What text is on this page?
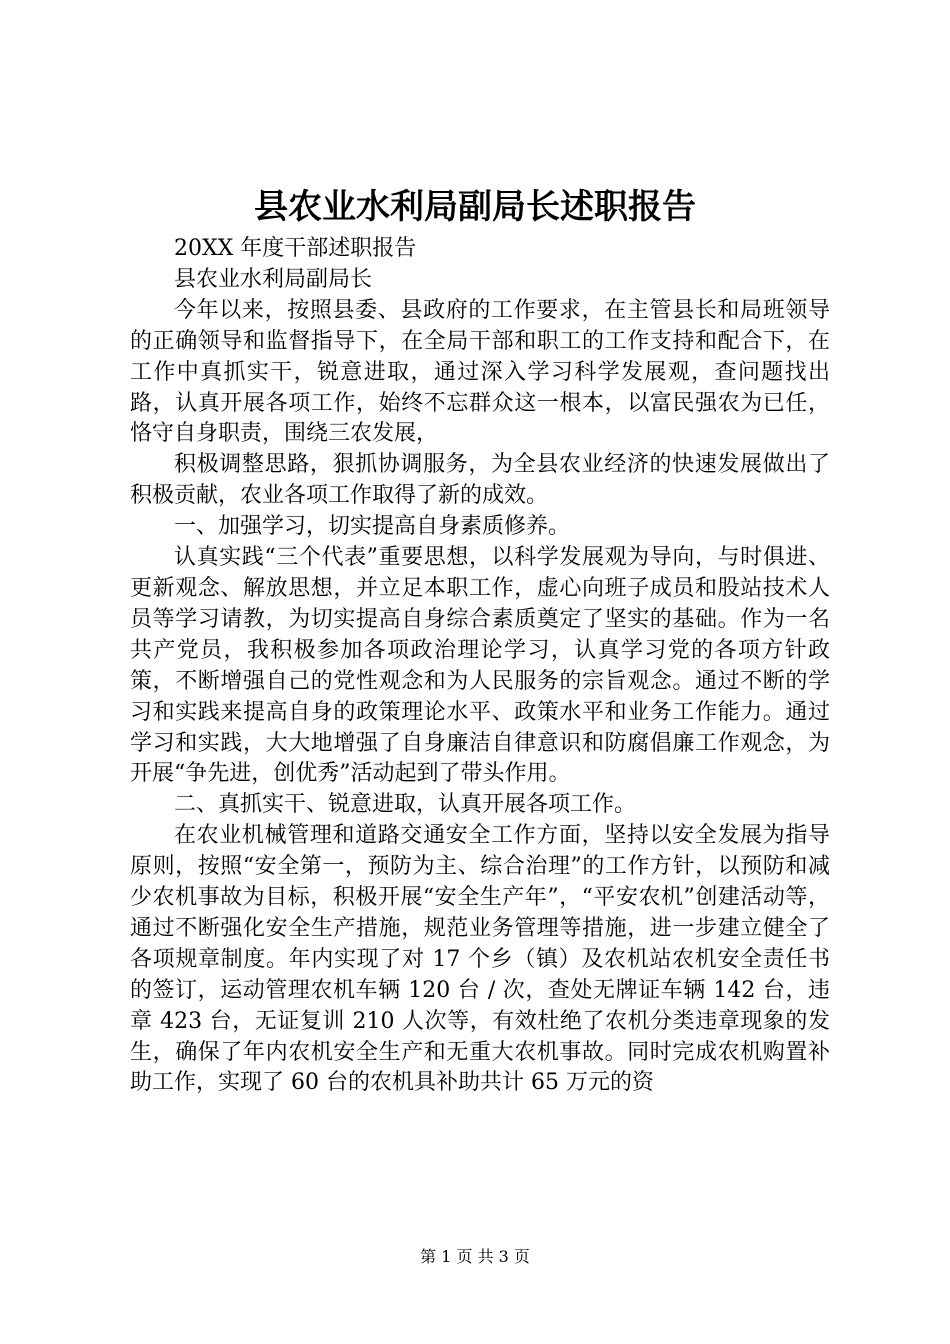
县农业水利局副局长述职报告

20XX 年度干部述职报告

县农业水利局副局长

今年以来，按照县委、县政府的工作要求，在主管县长和局班领导的正确领导和监督指导下，在全局干部和职工的工作支持和配合下，在工作中真抓实干，锐意进取，通过深入学习科学发展观，查问题找出路，认真开展各项工作，始终不忘群众这一根本，以富民强农为已任，恪守自身职责，围绕三农发展，

积极调整思路，狠抓协调服务，为全县农业经济的快速发展做出了积极贡献，农业各项工作取得了新的成效。

一、加强学习，切实提高自身素质修养。

认真实践“三个代表”重要思想，以科学发展观为导向，与时俱进、更新观念、解放思想，并立足本职工作，虚心向班子成员和股站技术人员等学习请教，为切实提高自身综合素质奠定了坚实的基础。作为一名共产党员，我积极参加各项政治理论学习，认真学习党的各项方针政策，不断增强自己的党性观念和为人民服务的宗旨观念。通过不断的学习和实践来提高自身的政策理论水平、政策水平和业务工作能力。通过学习和实践，大大地增强了自身廉洁自律意识和防腐倡廉工作观念，为开展“争先进，创优秀”活动起到了带头作用。

二、真抓实干、锐意进取，认真开展各项工作。

在农业机械管理和道路交通安全工作方面，坚持以安全发展为指导原则，按照“安全第一，预防为主、综合治理”的工作方针，以预防和减少农机事故为目标，积极开展“安全生产年”，“平安农机”创建活动等，通过不断强化安全生产措施，规范业务管理等措施，进一步建立健全了各项规章制度。年内实现了对 17 个乡（镇）及农机站农机安全责任书的签订，运动管理农机车辆 120 台 / 次，查处无牌证车辆 142 台，违章 423 台，无证复训 210 人次等，有效杜绝了农机分类违章现象的发生，确保了年内农机安全生产和无重大农机事故。同时完成农机购置补助工作，实现了 60 台的农机具补助共计 65 万元的资

第 1 页 共 3 页
